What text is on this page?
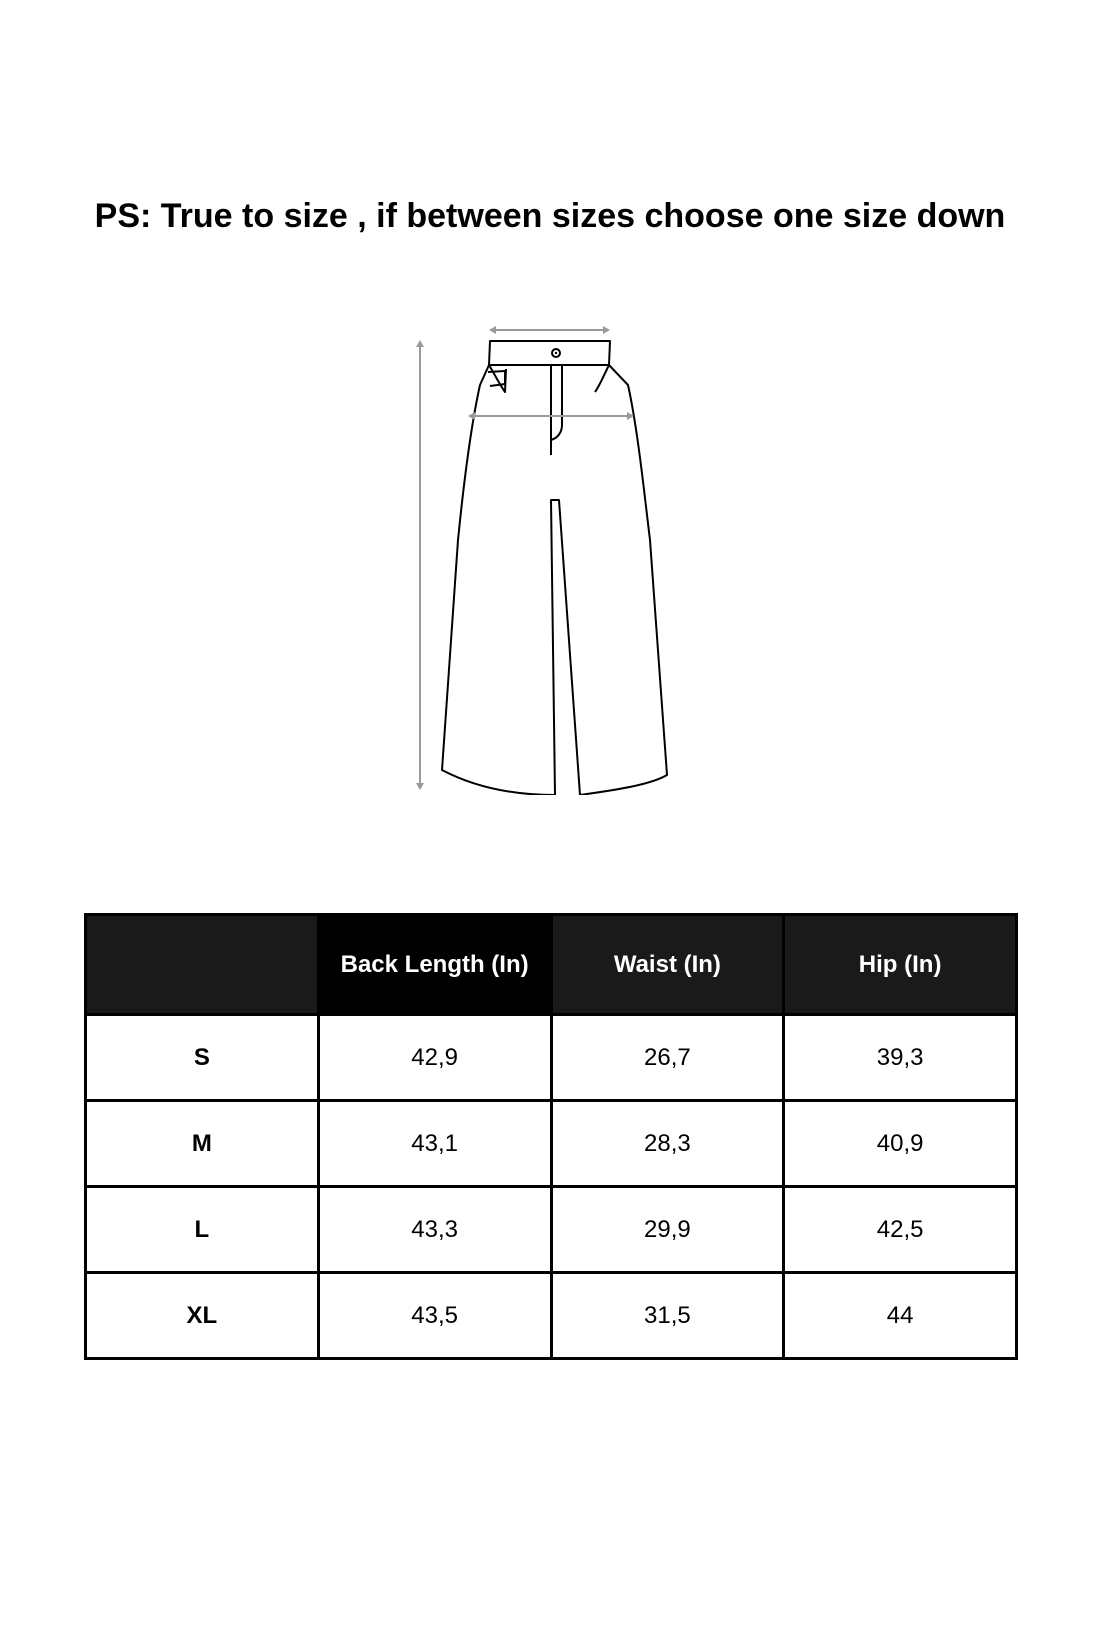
PS: True to size , if between sizes choose one size down
	Back Length (In)	Waist (In)	Hip (In)
S	42,9	26,7	39,3
M	43,1	28,3	40,9
L	43,3	29,9	42,5
XL	43,5	31,5	44
